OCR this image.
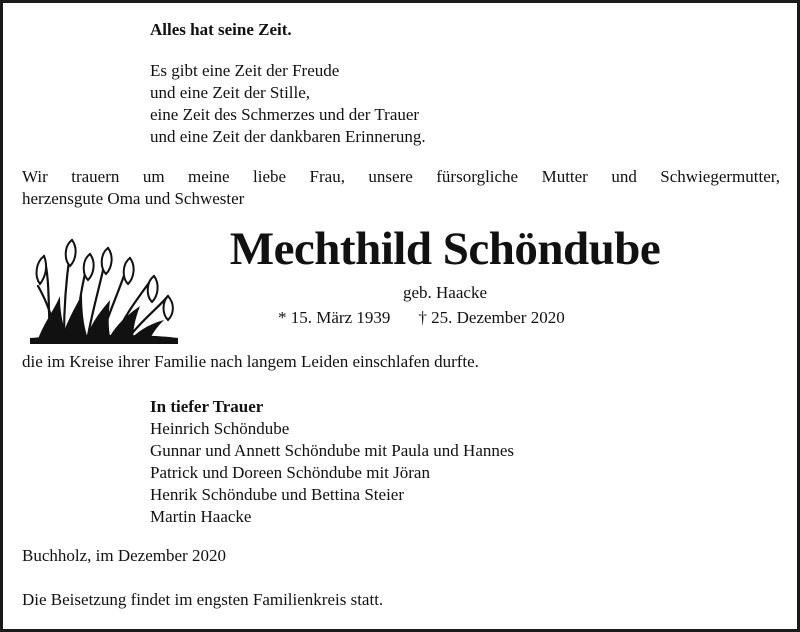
Alles hat seine Zeit.
Es gibt eine Zeit der Freude
und eine Zeit der Stille,
eine Zeit des Schmerzes und der Trauer
und eine Zeit der dankbaren Erinnerung.
Wir trauern um meine liebe Frau, unsere fürsorgliche Mutter und Schwiegermutter,
herzensgute Oma und Schwester
Mechthild Schöndube
geb. Haacke
* 15. März 1939 † 25. Dezember 2020
die im Kreise ihrer Familie nach langem Leiden einschlafen durfte.
In tiefer Trauer
Heinrich Schöndube
Gunnar und Annett Schöndube mit Paula und Hannes
Patrick und Doreen Schöndube mit Jöran
Henrik Schöndube und Bettina Steier
Martin Haacke
Buchholz, im Dezember 2020
Die Beisetzung findet im engsten Familienkreis statt.
